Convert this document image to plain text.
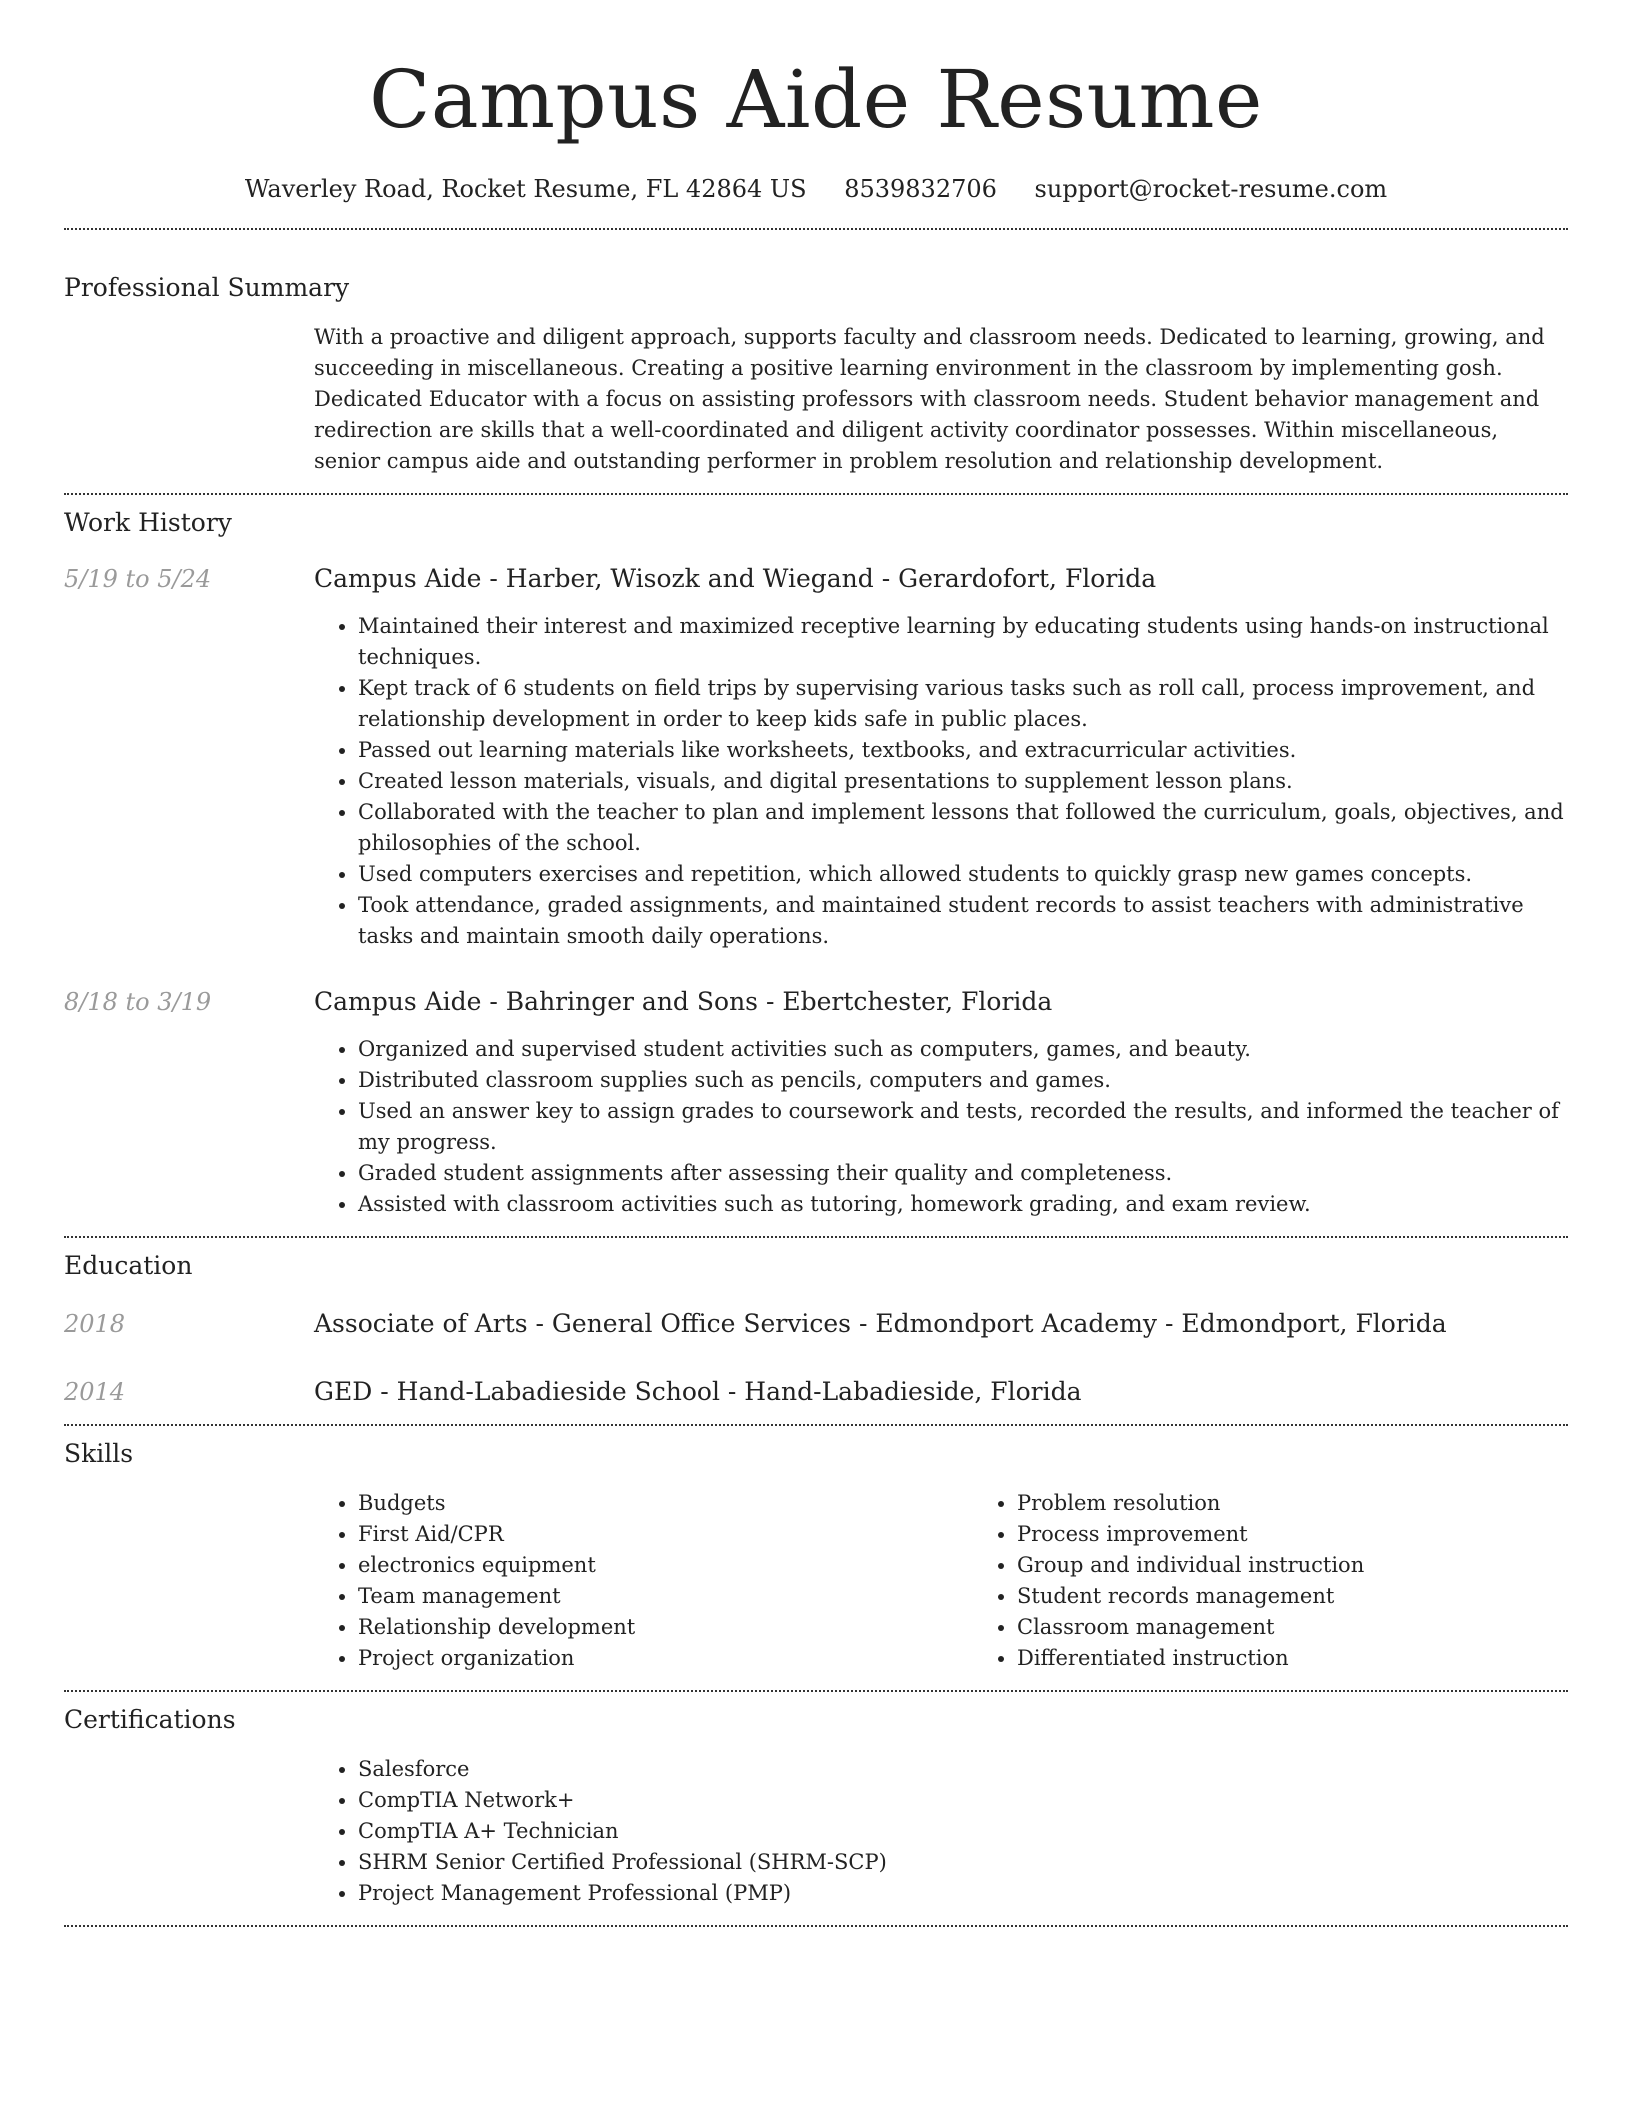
Campus Aide Resume
Waverley Road, Rocket Resume, FL 42864 US 8539832706 support@rocket-resume.com
Professional Summary
With a proactive and diligent approach, supports faculty and classroom needs. Dedicated to learning, growing, and succeeding in miscellaneous. Creating a positive learning environment in the classroom by implementing gosh. Dedicated Educator with a focus on assisting professors with classroom needs. Student behavior management and redirection are skills that a well-coordinated and diligent activity coordinator possesses. Within miscellaneous, senior campus aide and outstanding performer in problem resolution and relationship development.
Work History
5/19 to 5/24	Campus Aide - Harber, Wisozk and Wiegand - Gerardofort, Florida
• Maintained their interest and maximized receptive learning by educating students using hands-on instructional techniques.
• Kept track of 6 students on field trips by supervising various tasks such as roll call, process improvement, and relationship development in order to keep kids safe in public places.
• Passed out learning materials like worksheets, textbooks, and extracurricular activities.
• Created lesson materials, visuals, and digital presentations to supplement lesson plans.
• Collaborated with the teacher to plan and implement lessons that followed the curriculum, goals, objectives, and philosophies of the school.
• Used computers exercises and repetition, which allowed students to quickly grasp new games concepts.
• Took attendance, graded assignments, and maintained student records to assist teachers with administrative tasks and maintain smooth daily operations.
8/18 to 3/19	Campus Aide - Bahringer and Sons - Ebertchester, Florida
• Organized and supervised student activities such as computers, games, and beauty.
• Distributed classroom supplies such as pencils, computers and games.
• Used an answer key to assign grades to coursework and tests, recorded the results, and informed the teacher of my progress.
• Graded student assignments after assessing their quality and completeness.
• Assisted with classroom activities such as tutoring, homework grading, and exam review.
Education
2018	Associate of Arts - General Office Services - Edmondport Academy - Edmondport, Florida
2014	GED - Hand-Labadieside School - Hand-Labadieside, Florida
Skills
• Budgets
• First Aid/CPR
• electronics equipment
• Team management
• Relationship development
• Project organization
• Problem resolution
• Process improvement
• Group and individual instruction
• Student records management
• Classroom management
• Differentiated instruction
Certifications
• Salesforce
• CompTIA Network+
• CompTIA A+ Technician
• SHRM Senior Certified Professional (SHRM-SCP)
• Project Management Professional (PMP)
